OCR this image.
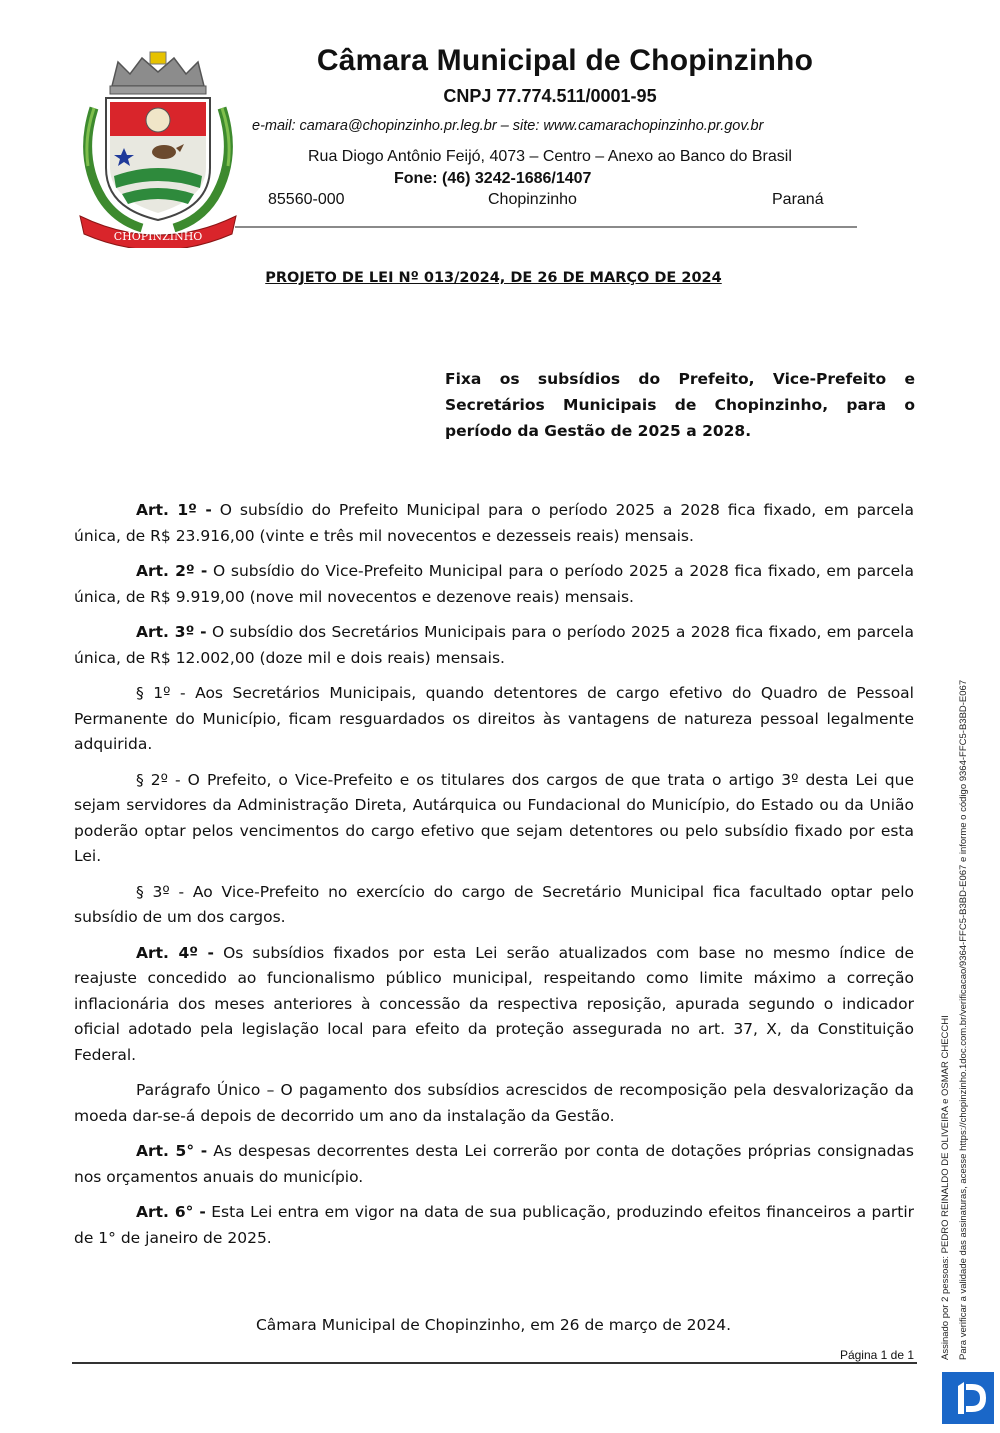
CHOPINZINHO
Câmara Municipal de Chopinzinho
CNPJ 77.774.511/0001-95
e-mail: camara@chopinzinho.pr.leg.br – site: www.camarachopinzinho.pr.gov.br
Rua Diogo Antônio Feijó, 4073 – Centro – Anexo ao Banco do Brasil
Fone: (46) 3242-1686/1407
85560-000	Chopinzinho	Paraná
PROJETO DE LEI Nº 013/2024, DE 26 DE MARÇO DE 2024
Fixa os subsídios do Prefeito, Vice-Prefeito e Secretários Municipais de Chopinzinho, para o período da Gestão de 2025 a 2028.

Art. 1º - O subsídio do Prefeito Municipal para o período 2025 a 2028 fica fixado, em parcela única, de R$ 23.916,00 (vinte e três mil novecentos e dezesseis reais) mensais.

Art. 2º - O subsídio do Vice-Prefeito Municipal para o período 2025 a 2028 fica fixado, em parcela única, de R$ 9.919,00 (nove mil novecentos e dezenove reais) mensais.

Art. 3º - O subsídio dos Secretários Municipais para o período 2025 a 2028 fica fixado, em parcela única, de R$ 12.002,00 (doze mil e dois reais) mensais.

§ 1º - Aos Secretários Municipais, quando detentores de cargo efetivo do Quadro de Pessoal Permanente do Município, ficam resguardados os direitos às vantagens de natureza pessoal legalmente adquirida.

§ 2º - O Prefeito, o Vice-Prefeito e os titulares dos cargos de que trata o artigo 3º desta Lei que sejam servidores da Administração Direta, Autárquica ou Fundacional do Município, do Estado ou da União poderão optar pelos vencimentos do cargo efetivo que sejam detentores ou pelo subsídio fixado por esta Lei.

§ 3º - Ao Vice-Prefeito no exercício do cargo de Secretário Municipal fica facultado optar pelo subsídio de um dos cargos.

Art. 4º - Os subsídios fixados por esta Lei serão atualizados com base no mesmo índice de reajuste concedido ao funcionalismo público municipal, respeitando como limite máximo a correção inflacionária dos meses anteriores à concessão da respectiva reposição, apurada segundo o indicador oficial adotado pela legislação local para efeito da proteção assegurada no art. 37, X, da Constituição Federal.

Parágrafo Único – O pagamento dos subsídios acrescidos de recomposição pela desvalorização da moeda dar-se-á depois de decorrido um ano da instalação da Gestão.

Art. 5° - As despesas decorrentes desta Lei correrão por conta de dotações próprias consignadas nos orçamentos anuais do município.

Art. 6° - Esta Lei entra em vigor na data de sua publicação, produzindo efeitos financeiros a partir de 1° de janeiro de 2025.

Câmara Municipal de Chopinzinho, em 26 de março de 2024.
Página 1 de 1	Assinado por 2 pessoas: PEDRO REINALDO DE OLIVEIRA e OSMAR CHECCHI Para verificar a validade das assinaturas, acesse https://chopinzinho.1doc.com.br/verificacao/9364-FFC5-B3BD-E067 e informe o código 9364-FFC5-B3BD-E067
